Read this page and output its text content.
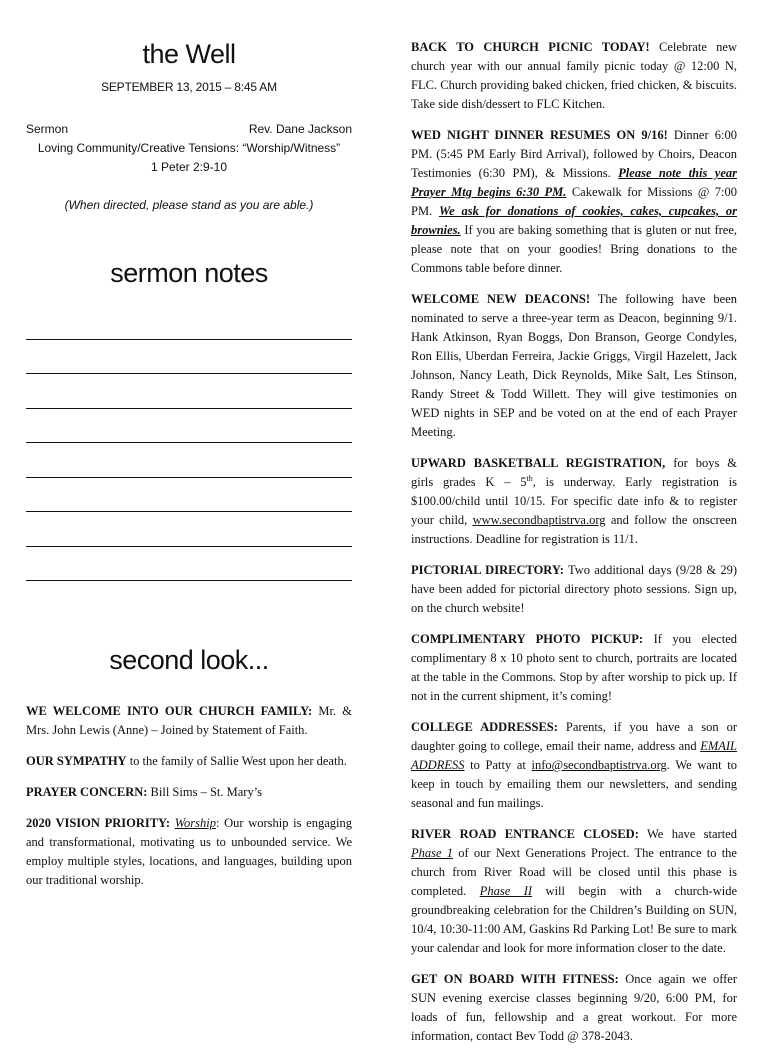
the Well
SEPTEMBER 13, 2015 – 8:45 AM
Sermon	Rev. Dane Jackson
Loving Community/Creative Tensions: “Worship/Witness”
1 Peter 2:9-10
(When directed, please stand as you are able.)
sermon notes
second look...

WE WELCOME INTO OUR CHURCH FAMILY: Mr. & Mrs. John Lewis (Anne) – Joined by Statement of Faith.

OUR SYMPATHY to the family of Sallie West upon her death.

PRAYER CONCERN: Bill Sims – St. Mary’s

2020 VISION PRIORITY: Worship: Our worship is engaging and transformational, motivating us to unbounded service. We employ multiple styles, locations, and languages, building upon our traditional worship.

BACK TO CHURCH PICNIC TODAY! Celebrate new church year with our annual family picnic today @ 12:00 N, FLC. Church providing baked chicken, fried chicken, & biscuits. Take side dish/dessert to FLC Kitchen.

WED NIGHT DINNER RESUMES ON 9/16! Dinner 6:00 PM. (5:45 PM Early Bird Arrival), followed by Choirs, Deacon Testimonies (6:30 PM), & Missions. Please note this year Prayer Mtg begins 6:30 PM. Cakewalk for Missions @ 7:00 PM. We ask for donations of cookies, cakes, cupcakes, or brownies. If you are baking something that is gluten or nut free, please note that on your goodies! Bring donations to the Commons table before dinner.

WELCOME NEW DEACONS! The following have been nominated to serve a three-year term as Deacon, beginning 9/1. Hank Atkinson, Ryan Boggs, Don Branson, George Condyles, Ron Ellis, Uberdan Ferreira, Jackie Griggs, Virgil Hazelett, Jack Johnson, Nancy Leath, Dick Reynolds, Mike Salt, Les Stinson, Randy Street & Todd Willett. They will give testimonies on WED nights in SEP and be voted on at the end of each Prayer Meeting.

UPWARD BASKETBALL REGISTRATION, for boys & girls grades K – 5th, is underway. Early registration is $100.00/child until 10/15. For specific date info & to register your child, www.secondbaptistrva.org and follow the onscreen instructions. Deadline for registration is 11/1.

PICTORIAL DIRECTORY: Two additional days (9/28 & 29) have been added for pictorial directory photo sessions. Sign up, on the church website!

COMPLIMENTARY PHOTO PICKUP: If you elected complimentary 8 x 10 photo sent to church, portraits are located at the table in the Commons. Stop by after worship to pick up. If not in the current shipment, it’s coming!

COLLEGE ADDRESSES: Parents, if you have a son or daughter going to college, email their name, address and EMAIL ADDRESS to Patty at info@secondbaptistrva.org. We want to keep in touch by emailing them our newsletters, and sending seasonal and fun mailings.

RIVER ROAD ENTRANCE CLOSED: We have started Phase 1 of our Next Generations Project. The entrance to the church from River Road will be closed until this phase is completed. Phase II will begin with a church-wide groundbreaking celebration for the Children’s Building on SUN, 10/4, 10:30-11:00 AM, Gaskins Rd Parking Lot! Be sure to mark your calendar and look for more information closer to the date.

GET ON BOARD WITH FITNESS: Once again we offer SUN evening exercise classes beginning 9/20, 6:00 PM, for loads of fun, fellowship and a great workout. For more information, contact Bev Todd @ 378-2043.
